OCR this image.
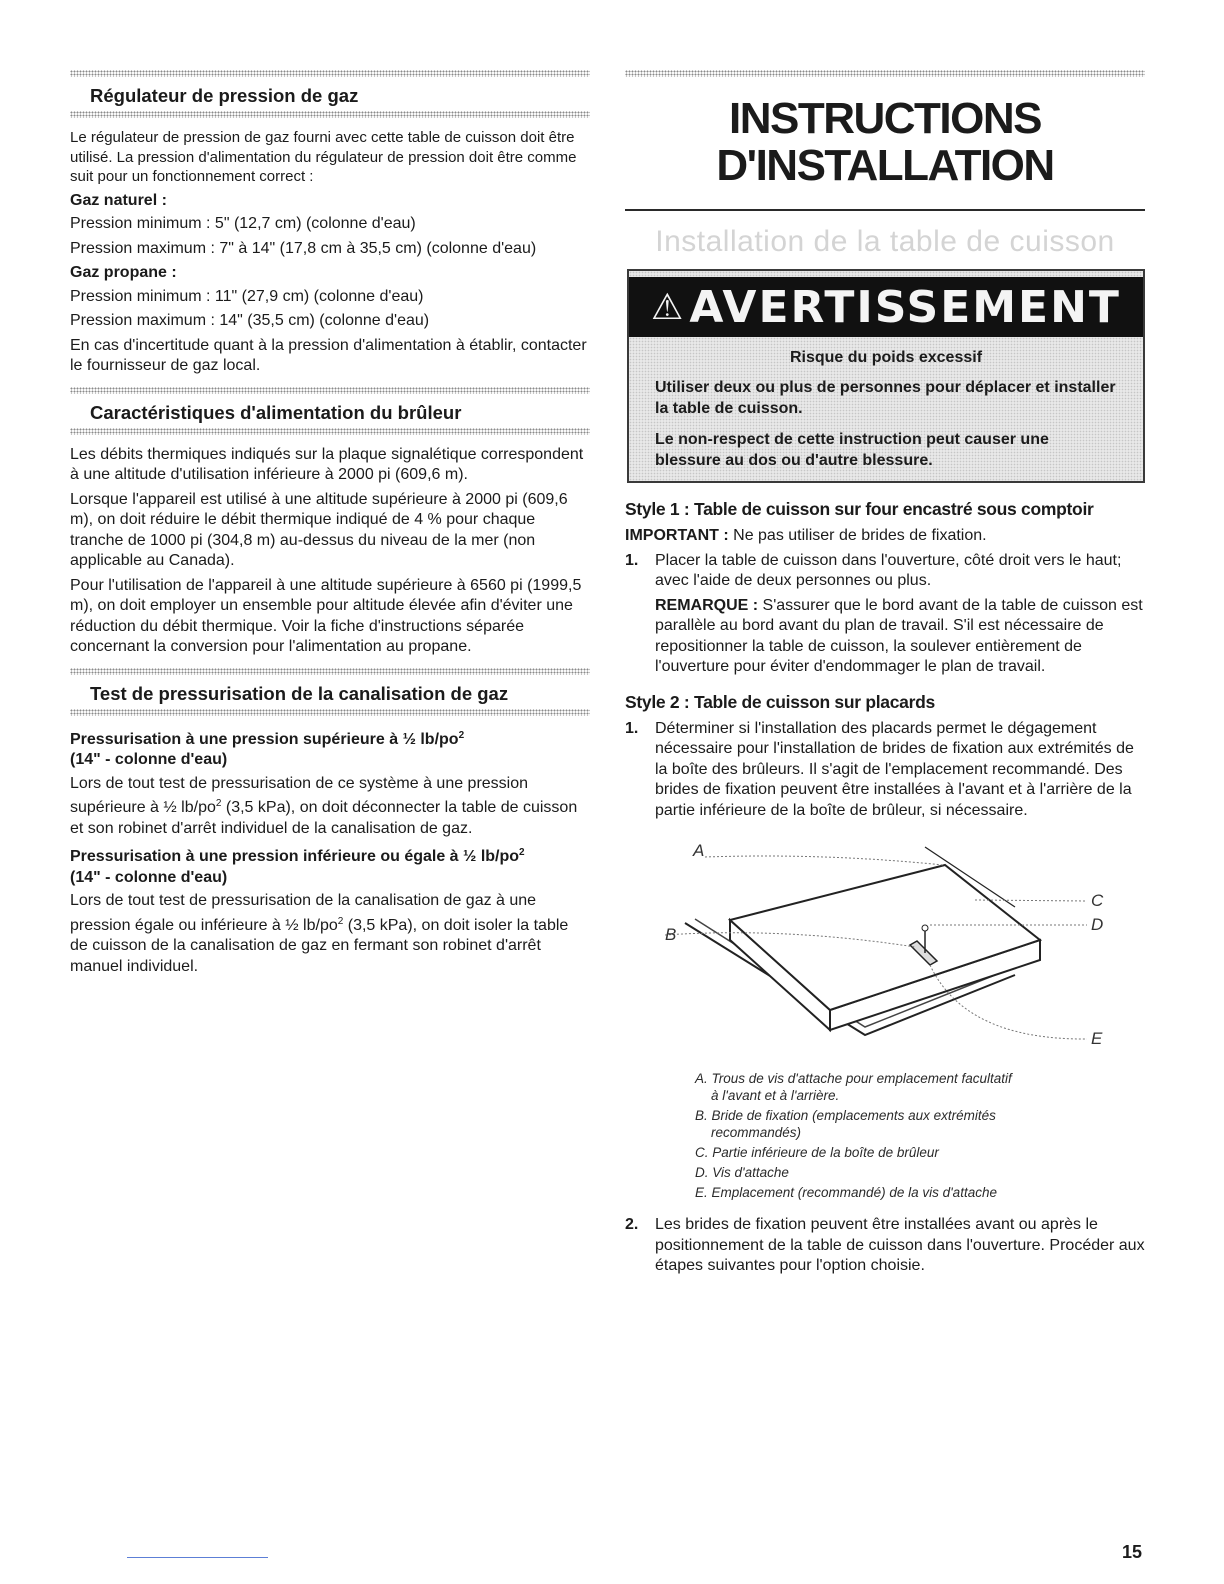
Régulateur de pression de gaz

Le régulateur de pression de gaz fourni avec cette table de cuisson doit être utilisé. La pression d'alimentation du régulateur de pression doit être comme suit pour un fonctionnement correct :

Gaz naturel :

Pression minimum : 5" (12,7 cm) (colonne d'eau)

Pression maximum : 7" à 14" (17,8 cm à 35,5 cm) (colonne d'eau)

Gaz propane :

Pression minimum : 11" (27,9 cm) (colonne d'eau)

Pression maximum : 14" (35,5 cm) (colonne d'eau)

En cas d'incertitude quant à la pression d'alimentation à établir, contacter le fournisseur de gaz local.

Caractéristiques d'alimentation du brûleur

Les débits thermiques indiqués sur la plaque signalétique correspondent à une altitude d'utilisation inférieure à 2000 pi (609,6 m).

Lorsque l'appareil est utilisé à une altitude supérieure à 2000 pi (609,6 m), on doit réduire le débit thermique indiqué de 4 % pour chaque tranche de 1000 pi (304,8 m) au-dessus du niveau de la mer (non applicable au Canada).

Pour l'utilisation de l'appareil à une altitude supérieure à 6560 pi (1999,5 m), on doit employer un ensemble pour altitude élevée afin d'éviter une réduction du débit thermique. Voir la fiche d'instructions séparée concernant la conversion pour l'alimentation au propane.

Test de pressurisation de la canalisation de gaz
Pressurisation à une pression supérieure à ½ $lb/po^2$
(14" - colonne d'eau)

Lors de tout test de pressurisation de ce système à une pression supérieure à ½ $lb/po^2$ (3,5 kPa), on doit déconnecter la table de cuisson et son robinet d'arrêt individuel de la canalisation de gaz.

Pressurisation à une pression inférieure ou égale à ½ $lb/po^2$
(14" - colonne d'eau)

Lors de tout test de pressurisation de la canalisation de gaz à une pression égale ou inférieure à ½ $lb/po^2$ (3,5 kPa), on doit isoler la table de cuisson de la canalisation de gaz en fermant son robinet d'arrêt manuel individuel.

INSTRUCTIONS
D'INSTALLATION
Installation de la table de cuisson
⚠ AVERTISSEMENT
Risque du poids excessif

Utiliser deux ou plus de personnes pour déplacer et installer la table de cuisson.

Le non-respect de cette instruction peut causer une blessure au dos ou d'autre blessure.

Style 1 : Table de cuisson sur four encastré sous comptoir

IMPORTANT : Ne pas utiliser de brides de fixation.

1.	Placer la table de cuisson dans l'ouverture, côté droit vers le haut; avec l'aide de deux personnes ou plus.

REMARQUE : S'assurer que le bord avant de la table de cuisson est parallèle au bord avant du plan de travail. S'il est nécessaire de repositionner la table de cuisson, la soulever entièrement de l'ouverture pour éviter d'endommager le plan de travail.

Style 2 : Table de cuisson sur placards
1.	Déterminer si l'installation des placards permet le dégagement nécessaire pour l'installation de brides de fixation aux extrémités de la boîte des brûleurs. Il s'agit de l'emplacement recommandé. Des brides de fixation peuvent être installées à l'avant et à l'arrière de la partie inférieure de la boîte de brûleur, si nécessaire.

A
B
C
D
E

A. Trous de vis d'attache pour emplacement facultatif

à l'avant et à l'arrière.

B. Bride de fixation (emplacements aux extrémités

recommandés)

C. Partie inférieure de la boîte de brûleur

D. Vis d'attache

E. Emplacement (recommandé) de la vis d'attache

2.	Les brides de fixation peuvent être installées avant ou après le positionnement de la table de cuisson dans l'ouverture. Procéder aux étapes suivantes pour l'option choisie.

15
